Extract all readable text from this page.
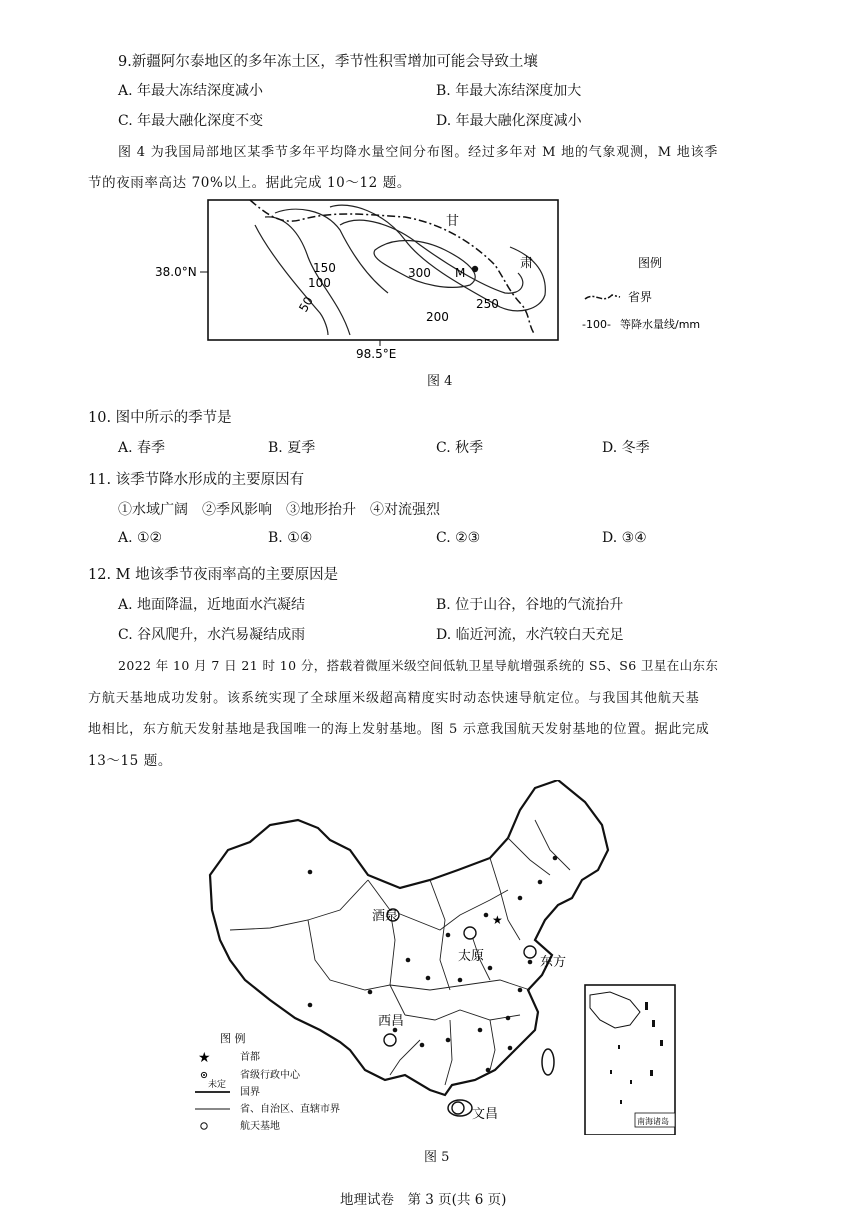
9.新疆阿尔泰地区的多年冻土区，季节性积雪增加可能会导致土壤
A. 年最大冻结深度减小	B. 年最大冻结深度加大
C. 年最大融化深度不变	D. 年最大融化深度减小
图 4 为我国局部地区某季节多年平均降水量空间分布图。经过多年对 M 地的气象观测，M 地该季
节的夜雨率高达 70%以上。据此完成 10～12 题。
M
150
100
50
300
250
200
甘
肃
38.0°N
98.5°E
图例
省界
-100- 等降水量线/mm
图 4
10. 图中所示的季节是
A. 春季	B. 夏季	C. 秋季	D. 冬季
11. 该季节降水形成的主要原因有
①水域广阔　②季风影响　③地形抬升　④对流强烈
A. ①②	B. ①④	C. ②③	D. ③④
12. M 地该季节夜雨率高的主要原因是
A. 地面降温，近地面水汽凝结	B. 位于山谷，谷地的气流抬升
C. 谷风爬升，水汽易凝结成雨	D. 临近河流，水汽较白天充足
2022 年 10 月 7 日 21 时 10 分，搭载着微厘米级空间低轨卫星导航增强系统的 S5、S6 卫星在山东东
方航天基地成功发射。该系统实现了全球厘米级超高精度实时动态快速导航定位。与我国其他航天基
地相比，东方航天发射基地是我国唯一的海上发射基地。图 5 示意我国航天发射基地的位置。据此完成
13～15 题。
★
酒泉
太原	东方
西昌
文昌
图 例
★	首都
省级行政中心
未定
国界
省、自治区、直辖市界
航天基地	南海诸岛
图 5
地理试卷　第 3 页(共 6 页)
